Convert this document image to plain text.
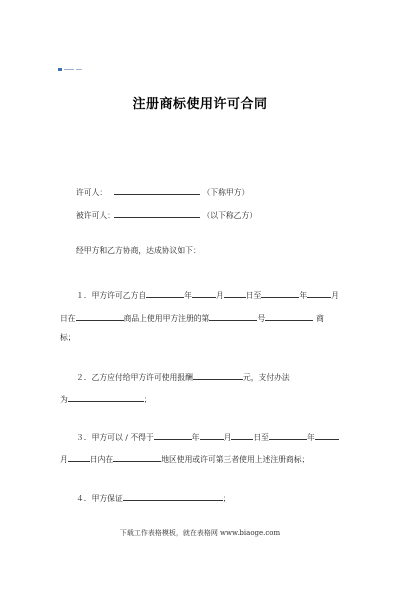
注册商标使用许可合同
许可人：	（下称甲方）
被许可人：	（以下称乙方）
经甲方和乙方协商，达成协议如下：
１．甲方许可乙方自	年	月	日至	年	月
日在	商品上使用甲方注册的第	号	商
标；
２．乙方应付给甲方许可使用报酬	元，支付办法
为	；
３．甲方可以 / 不得于	年	月	日至	年
月	日内在	地区使用或许可第三者使用上述注册商标；
４．甲方保证	；
下载工作表格模板，就在表格网 www.biaoge.com
